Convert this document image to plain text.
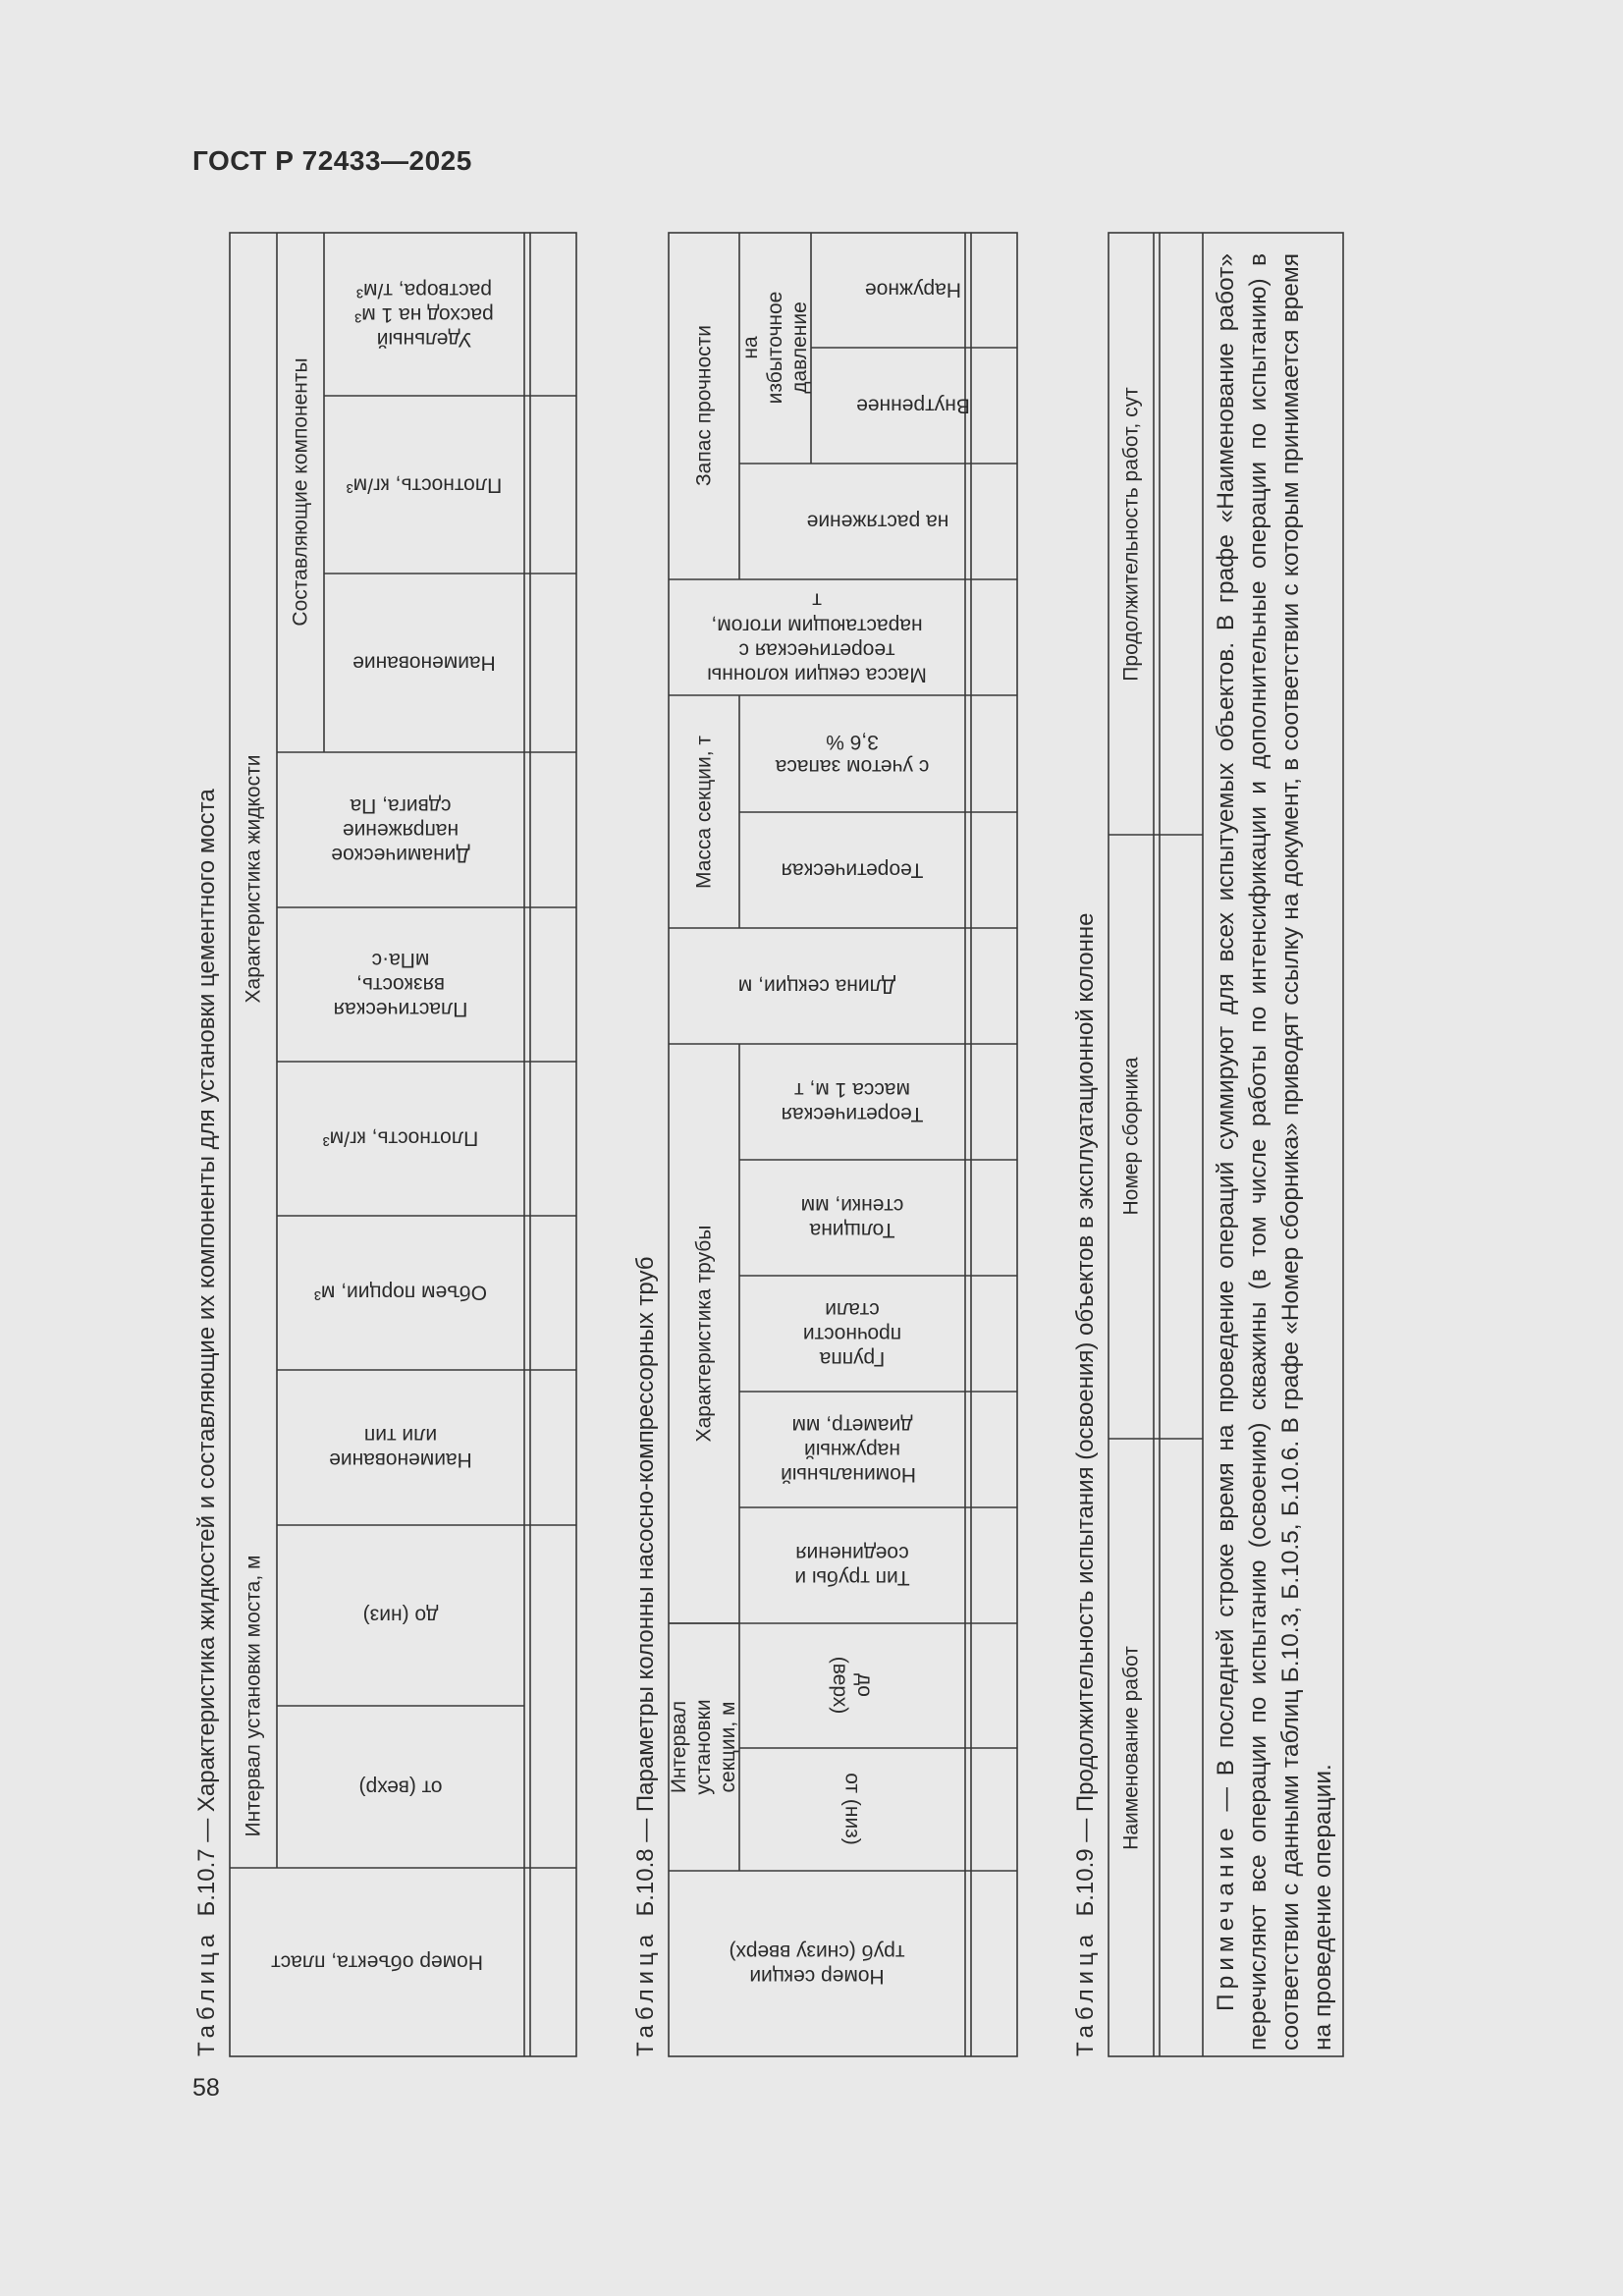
ГОСТ Р 72433—2025
58
Таблица  Б.10.7 — Характеристика жидкостей и составляющие их компоненты для установки цементного моста
Номер объекта, пласт
Интервал установки моста, м	от (вехр)
до (низ)
Характеристика жидкости
Наименование или тип
Объем порции, м³
Плотность, кг/м³
Пластическая вязкость, мПа·с
Динамическое напряжение сдвига, Па
Составляющие компоненты
Наименование
Плотность, кг/м³
Удельный расход на 1 м³ раствора, т/м³
Таблица  Б.10.8 — Параметры колонны насосно-компрессорных труб
Номер секции труб (снизу вверх)
Интервал установки секции, м
от (низ)
до (верх)
Характеристика трубы
Тип трубы и соединения
Номинальный наружный диаметр, мм
Группа прочности стали
Толщина стенки, мм
Теоретическая масса 1 м, т
Длина секции, м
Масса секции, т	Теоретическая
с учетом запаса 3,6 %
Масса секции колонны теоретическая с нарастающим итогом, т
Запас прочности
на растяжение
на избыточное давление
Внутреннее
Наружное
Таблица  Б.10.9 — Продолжительность испытания (освоения) объектов в эксплуатационной колонне Наименование работ
Номер сборника
Продолжительность работ, сут
Примечание — В последней строке время на проведение операций суммируют для всех испытуемых объектов. В графе «Наименование работ» перечисляют все операции по испытанию (освоению) скважины (в том числе работы по интенсификации и дополнительные операции по испытанию) в соответствии с данными таблиц Б.10.3, Б.10.5, Б.10.6. В графе «Номер сборника» приводят ссылку на документ, в соответствии с которым принимается время на проведение операции.
